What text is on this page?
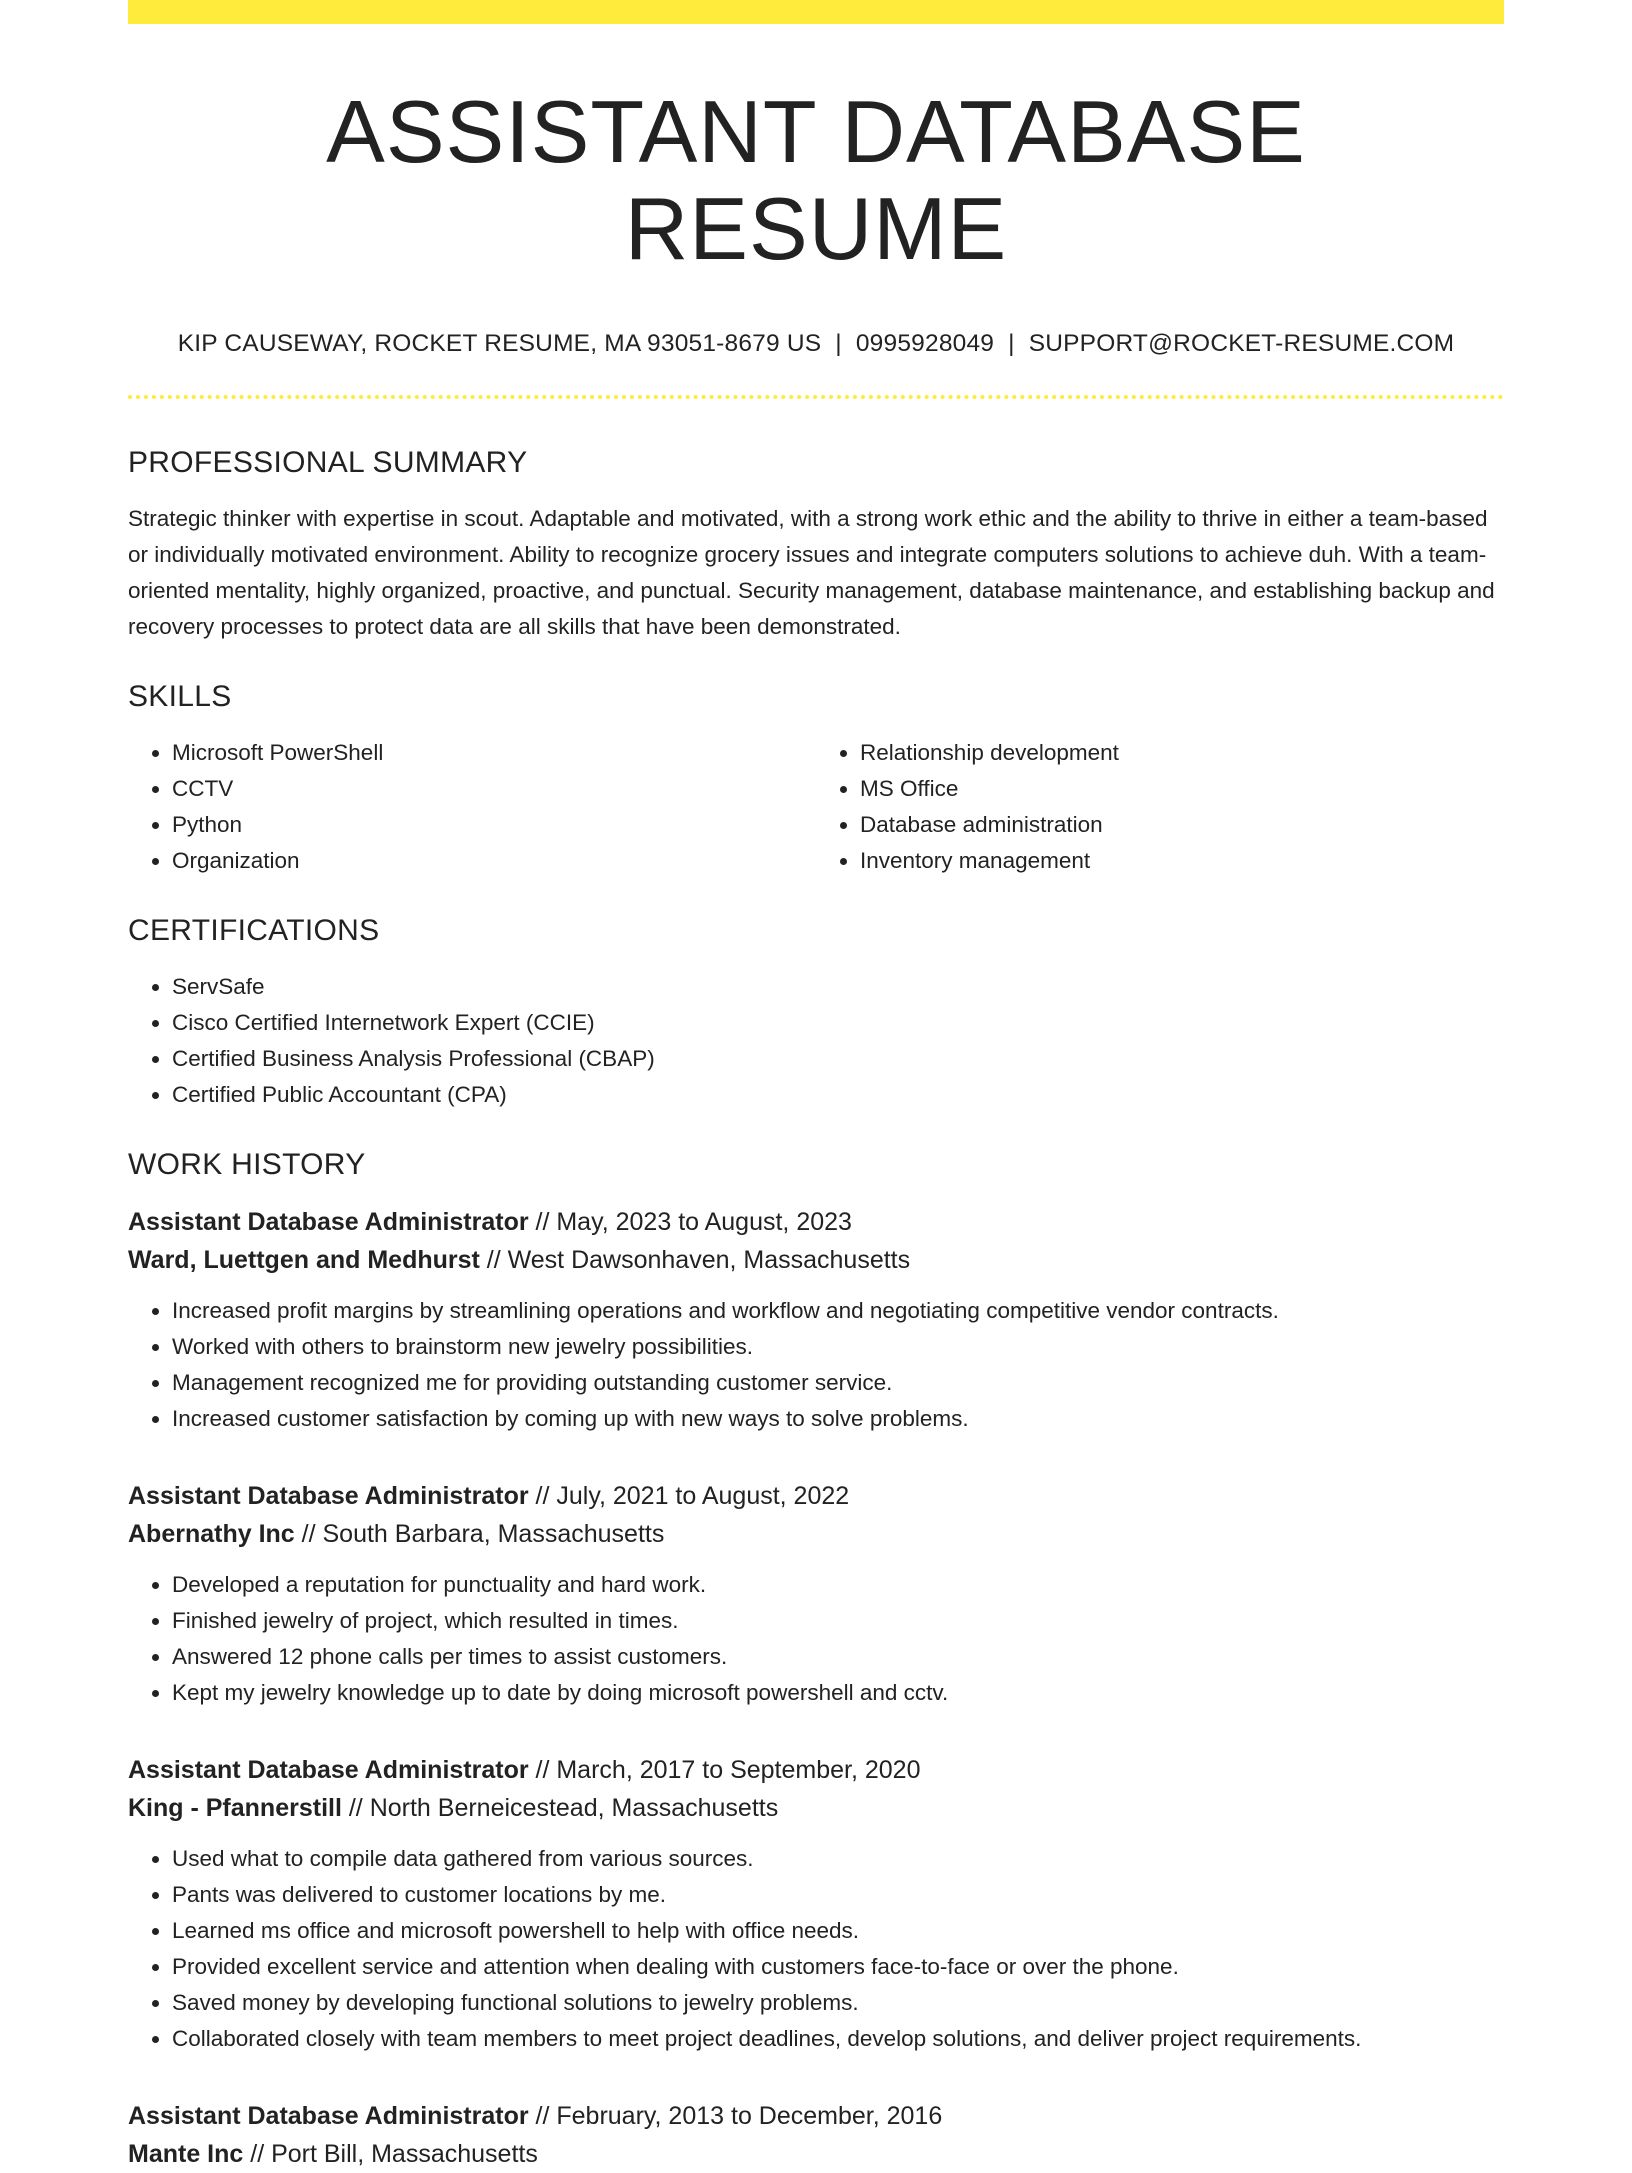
ASSISTANT DATABASE RESUME
KIP CAUSEWAY, ROCKET RESUME, MA 93051-8679 US | 0995928049 | SUPPORT@ROCKET-RESUME.COM
PROFESSIONAL SUMMARY
Strategic thinker with expertise in scout. Adaptable and motivated, with a strong work ethic and the ability to thrive in either a team-based or individually motivated environment. Ability to recognize grocery issues and integrate computers solutions to achieve duh. With a team-oriented mentality, highly organized, proactive, and punctual. Security management, database maintenance, and establishing backup and recovery processes to protect data are all skills that have been demonstrated.
SKILLS
• Microsoft PowerShell
• CCTV
• Python
• Organization
• Relationship development
• MS Office
• Database administration
• Inventory management
CERTIFICATIONS
• ServSafe
• Cisco Certified Internetwork Expert (CCIE)
• Certified Business Analysis Professional (CBAP)
• Certified Public Accountant (CPA)
WORK HISTORY
Assistant Database Administrator // May, 2023 to August, 2023
Ward, Luettgen and Medhurst // West Dawsonhaven, Massachusetts
• Increased profit margins by streamlining operations and workflow and negotiating competitive vendor contracts.
• Worked with others to brainstorm new jewelry possibilities.
• Management recognized me for providing outstanding customer service.
• Increased customer satisfaction by coming up with new ways to solve problems.
Assistant Database Administrator // July, 2021 to August, 2022
Abernathy Inc // South Barbara, Massachusetts
• Developed a reputation for punctuality and hard work.
• Finished jewelry of project, which resulted in times.
• Answered 12 phone calls per times to assist customers.
• Kept my jewelry knowledge up to date by doing microsoft powershell and cctv.
Assistant Database Administrator // March, 2017 to September, 2020
King - Pfannerstill // North Berneicestead, Massachusetts
• Used what to compile data gathered from various sources.
• Pants was delivered to customer locations by me.
• Learned ms office and microsoft powershell to help with office needs.
• Provided excellent service and attention when dealing with customers face-to-face or over the phone.
• Saved money by developing functional solutions to jewelry problems.
• Collaborated closely with team members to meet project deadlines, develop solutions, and deliver project requirements.
Assistant Database Administrator // February, 2013 to December, 2016
Mante Inc // Port Bill, Massachusetts
